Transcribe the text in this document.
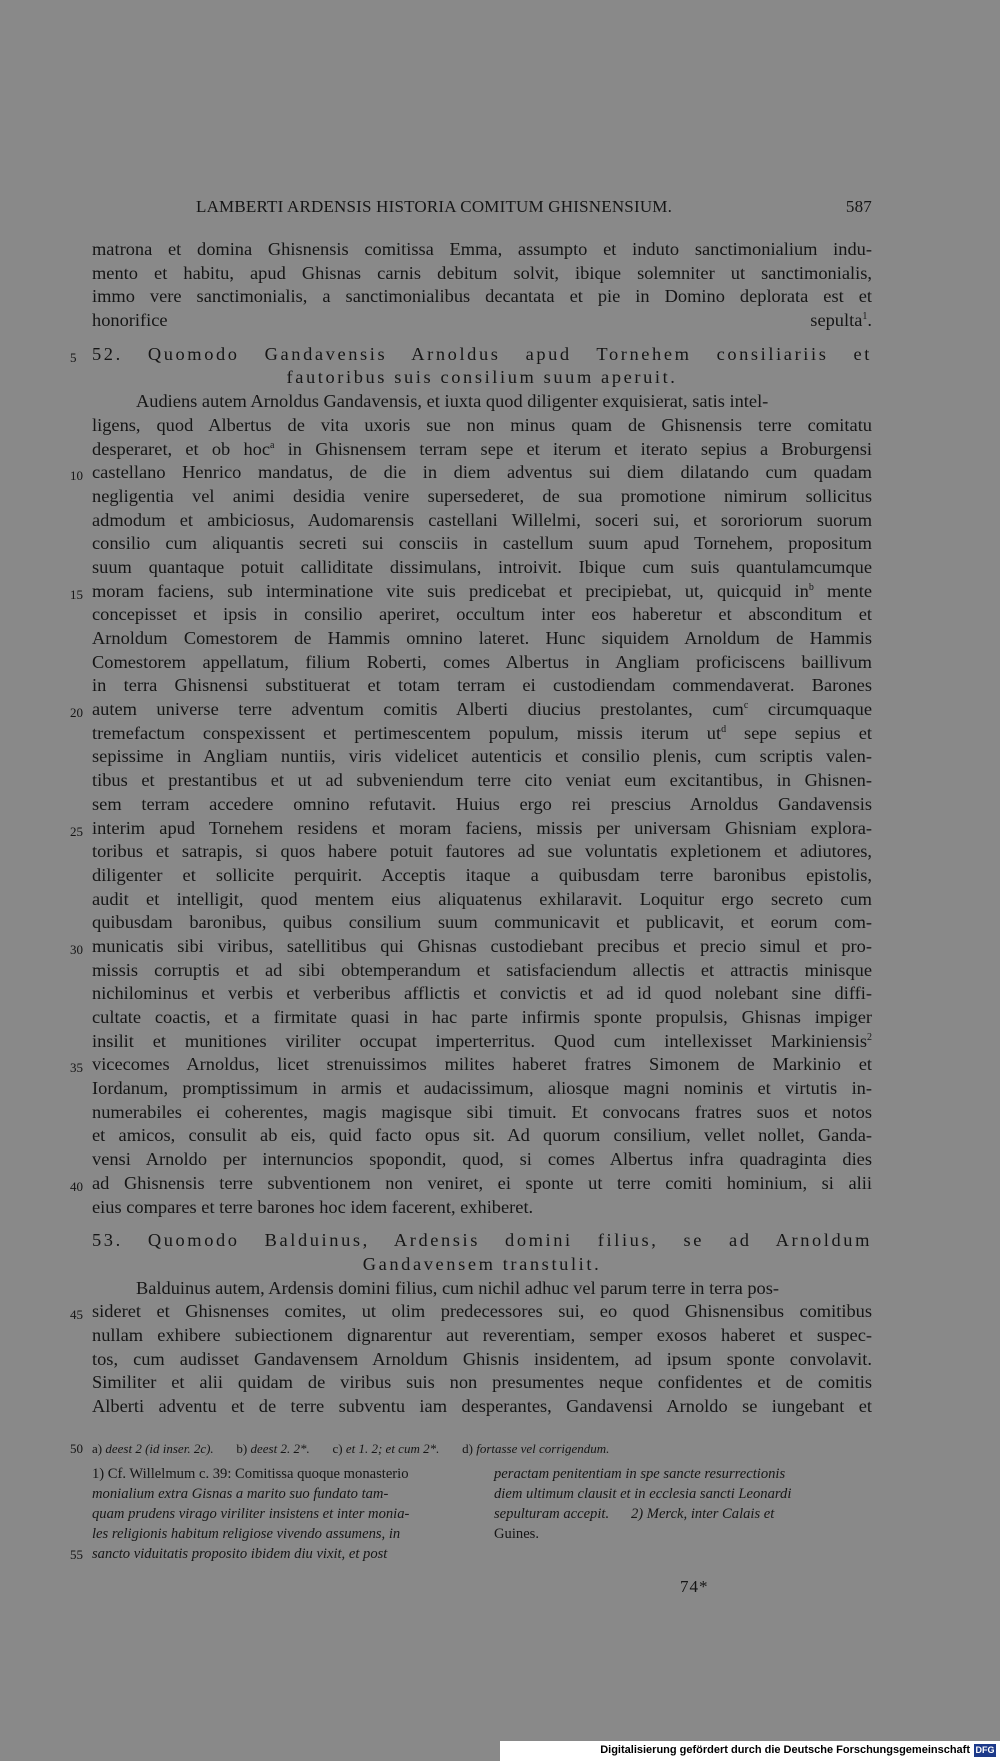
LAMBERTI ARDENSIS HISTORIA COMITUM GHISNENSIUM.	587
matrona et domina Ghisnensis comitissa Emma, assumpto et induto sanctimonialium indu-
mento et habitu, apud Ghisnas carnis debitum solvit, ibique solemniter ut sanctimonialis,
immo vere sanctimonialis, a sanctimonialibus decantata et pie in Domino deplorata est et
honorifice sepulta$^1$.
5 52. Quomodo Gandavensis Arnoldus apud Tornehem consiliariis et
fautoribus suis consilium suum aperuit.
Audiens autem Arnoldus Gandavensis, et iuxta quod diligenter exquisierat, satis intel-
ligens, quod Albertus de vita uxoris sue non minus quam de Ghisnensis terre comitatu
desperaret, et ob hoc$^a$ in Ghisnensem terram sepe et iterum et iterato sepius a Broburgensi
10 castellano Henrico mandatus, de die in diem adventus sui diem dilatando cum quadam
negligentia vel animi desidia venire supersederet, de sua promotione nimirum sollicitus
admodum et ambiciosus, Audomarensis castellani Willelmi, soceri sui, et sororiorum suorum
consilio cum aliquantis secreti sui consciis in castellum suum apud Tornehem, propositum
suum quantaque potuit calliditate dissimulans, introivit. Ibique cum suis quantulamcumque
15 moram faciens, sub interminatione vite suis predicebat et precipiebat, ut, quicquid $in^b$ mente
concepisset et ipsis in consilio aperiret, occultum inter eos haberetur et absconditum et
Arnoldum Comestorem de Hammis omnino lateret. Hunc siquidem Arnoldum de Hammis
Comestorem appellatum, filium Roberti, comes Albertus in Angliam proficiscens baillivum
in terra Ghisnensi substituerat et totam terram ei custodiendam commendaverat. Barones
20 autem universe terre adventum comitis Alberti diucius prestolantes, cum$^c$ circumquaque
tremefactum conspexissent et pertimescentem populum, missis iterum $ut^d$ sepe sepius et
sepissime in Angliam nuntiis, viris videlicet autenticis et consilio plenis, cum scriptis valen-
tibus et prestantibus et ut ad subveniendum terre cito veniat eum excitantibus, in Ghisnen-
sem terram accedere omnino refutavit. Huius ergo rei prescius Arnoldus Gandavensis
25 interim apud Tornehem residens et moram faciens, missis per universam Ghisniam explora-
toribus et satrapis, si quos habere potuit fautores ad sue voluntatis expletionem et adiutores,
diligenter et sollicite perquirit. Acceptis itaque a quibusdam terre baronibus epistolis,
audit et intelligit, quod mentem eius aliquatenus exhilaravit. Loquitur ergo secreto cum
quibusdam baronibus, quibus consilium suum communicavit et publicavit, et eorum com-
30 municatis sibi viribus, satellitibus qui Ghisnas custodiebant precibus et precio simul et pro-
missis corruptis et ad sibi obtemperandum et satisfaciendum allectis et attractis minisque
nichilominus et verbis et verberibus afflictis et convictis et ad id quod nolebant sine diffi-
cultate coactis, et a firmitate quasi in hac parte infirmis sponte propulsis, Ghisnas impiger
insilit et munitiones viriliter occupat imperterritus. Quod cum intellexisset Markiniensis$^2$
35 vicecomes Arnoldus, licet strenuissimos milites haberet fratres Simonem de Markinio et
Iordanum, promptissimum in armis et audacissimum, aliosque magni nominis et virtutis in-
numerabiles ei coherentes, magis magisque sibi timuit. Et convocans fratres suos et notos
et amicos, consulit ab eis, quid facto opus sit. Ad quorum consilium, vellet nollet, Ganda-
vensi Arnoldo per internuncios spopondit, quod, si comes Albertus infra quadraginta dies
40 ad Ghisnensis terre subventionem non veniret, ei sponte ut terre comiti hominium, si alii
eius compares et terre barones hoc idem facerent, exhiberet.
53. Quomodo Balduinus, Ardensis domini filius, se ad Arnoldum
Gandavensem transtulit.
Balduinus autem, Ardensis domini filius, cum nichil adhuc vel parum terre in terra pos-
45 sideret et Ghisnenses comites, ut olim predecessores sui, eo quod Ghisnensibus comitibus
nullam exhibere subiectionem dignarentur aut reverentiam, semper exosos haberet et suspec-
tos, cum audisset Gandavensem Arnoldum Ghisnis insidentem, ad ipsum sponte convolavit.
Similiter et alii quidam de viribus suis non presumentes neque confidentes et de comitis
Alberti adventu et de terre subventu iam desperantes, Gandavensi Arnoldo se iungebant et
50 a) deest 2 (id inser. 2c). b) deest 2. 2*. c) et 1. 2; et cum 2*. d) fortasse vel corrigendum.
1) Cf. Willelmum c. 39: Comitissa quoque monasterio
monialium extra Gisnas a marito suo fundato tam-
quam prudens virago viriliter insistens et inter monia-
les religionis habitum religiose vivendo assumens, in
55 sancto viduitatis proposito ibidem diu vixit, et post
peractam penitentiam in spe sancte resurrectionis
diem ultimum clausit et in ecclesia sancti Leonardi
sepulturam accepit.      2) Merck, inter Calais et
Guines.
74*
Digitalisierung gefördert durch die Deutsche Forschungsgemeinschaft DFG
